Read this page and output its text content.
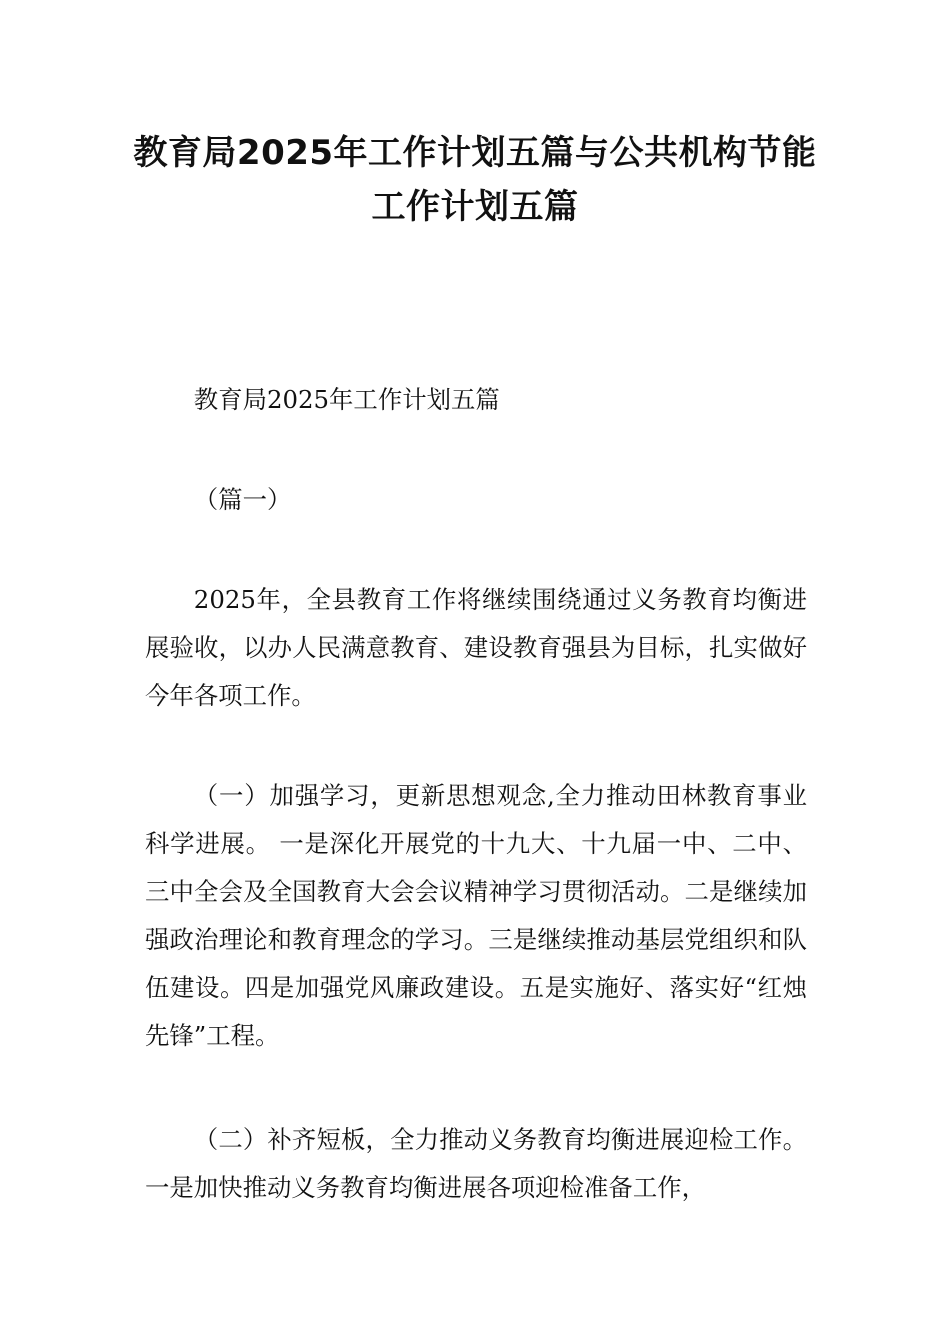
教育局2025年工作计划五篇与公共机构节能工作计划五篇

教育局2025年工作计划五篇

（篇一）

2025年，全县教育工作将继续围绕通过义务教育均衡进展验收，以办人民满意教育、建设教育强县为目标，扎实做好今年各项工作。

（一）加强学习，更新思想观念,全力推动田林教育事业科学进展。 一是深化开展党的十九大、十九届一中、二中、三中全会及全国教育大会会议精神学习贯彻活动。二是继续加强政治理论和教育理念的学习。三是继续推动基层党组织和队伍建设。四是加强党风廉政建设。五是实施好、落实好“红烛先锋”工程。

（二）补齐短板，全力推动义务教育均衡进展迎检工作。一是加快推动义务教育均衡进展各项迎检准备工作，
